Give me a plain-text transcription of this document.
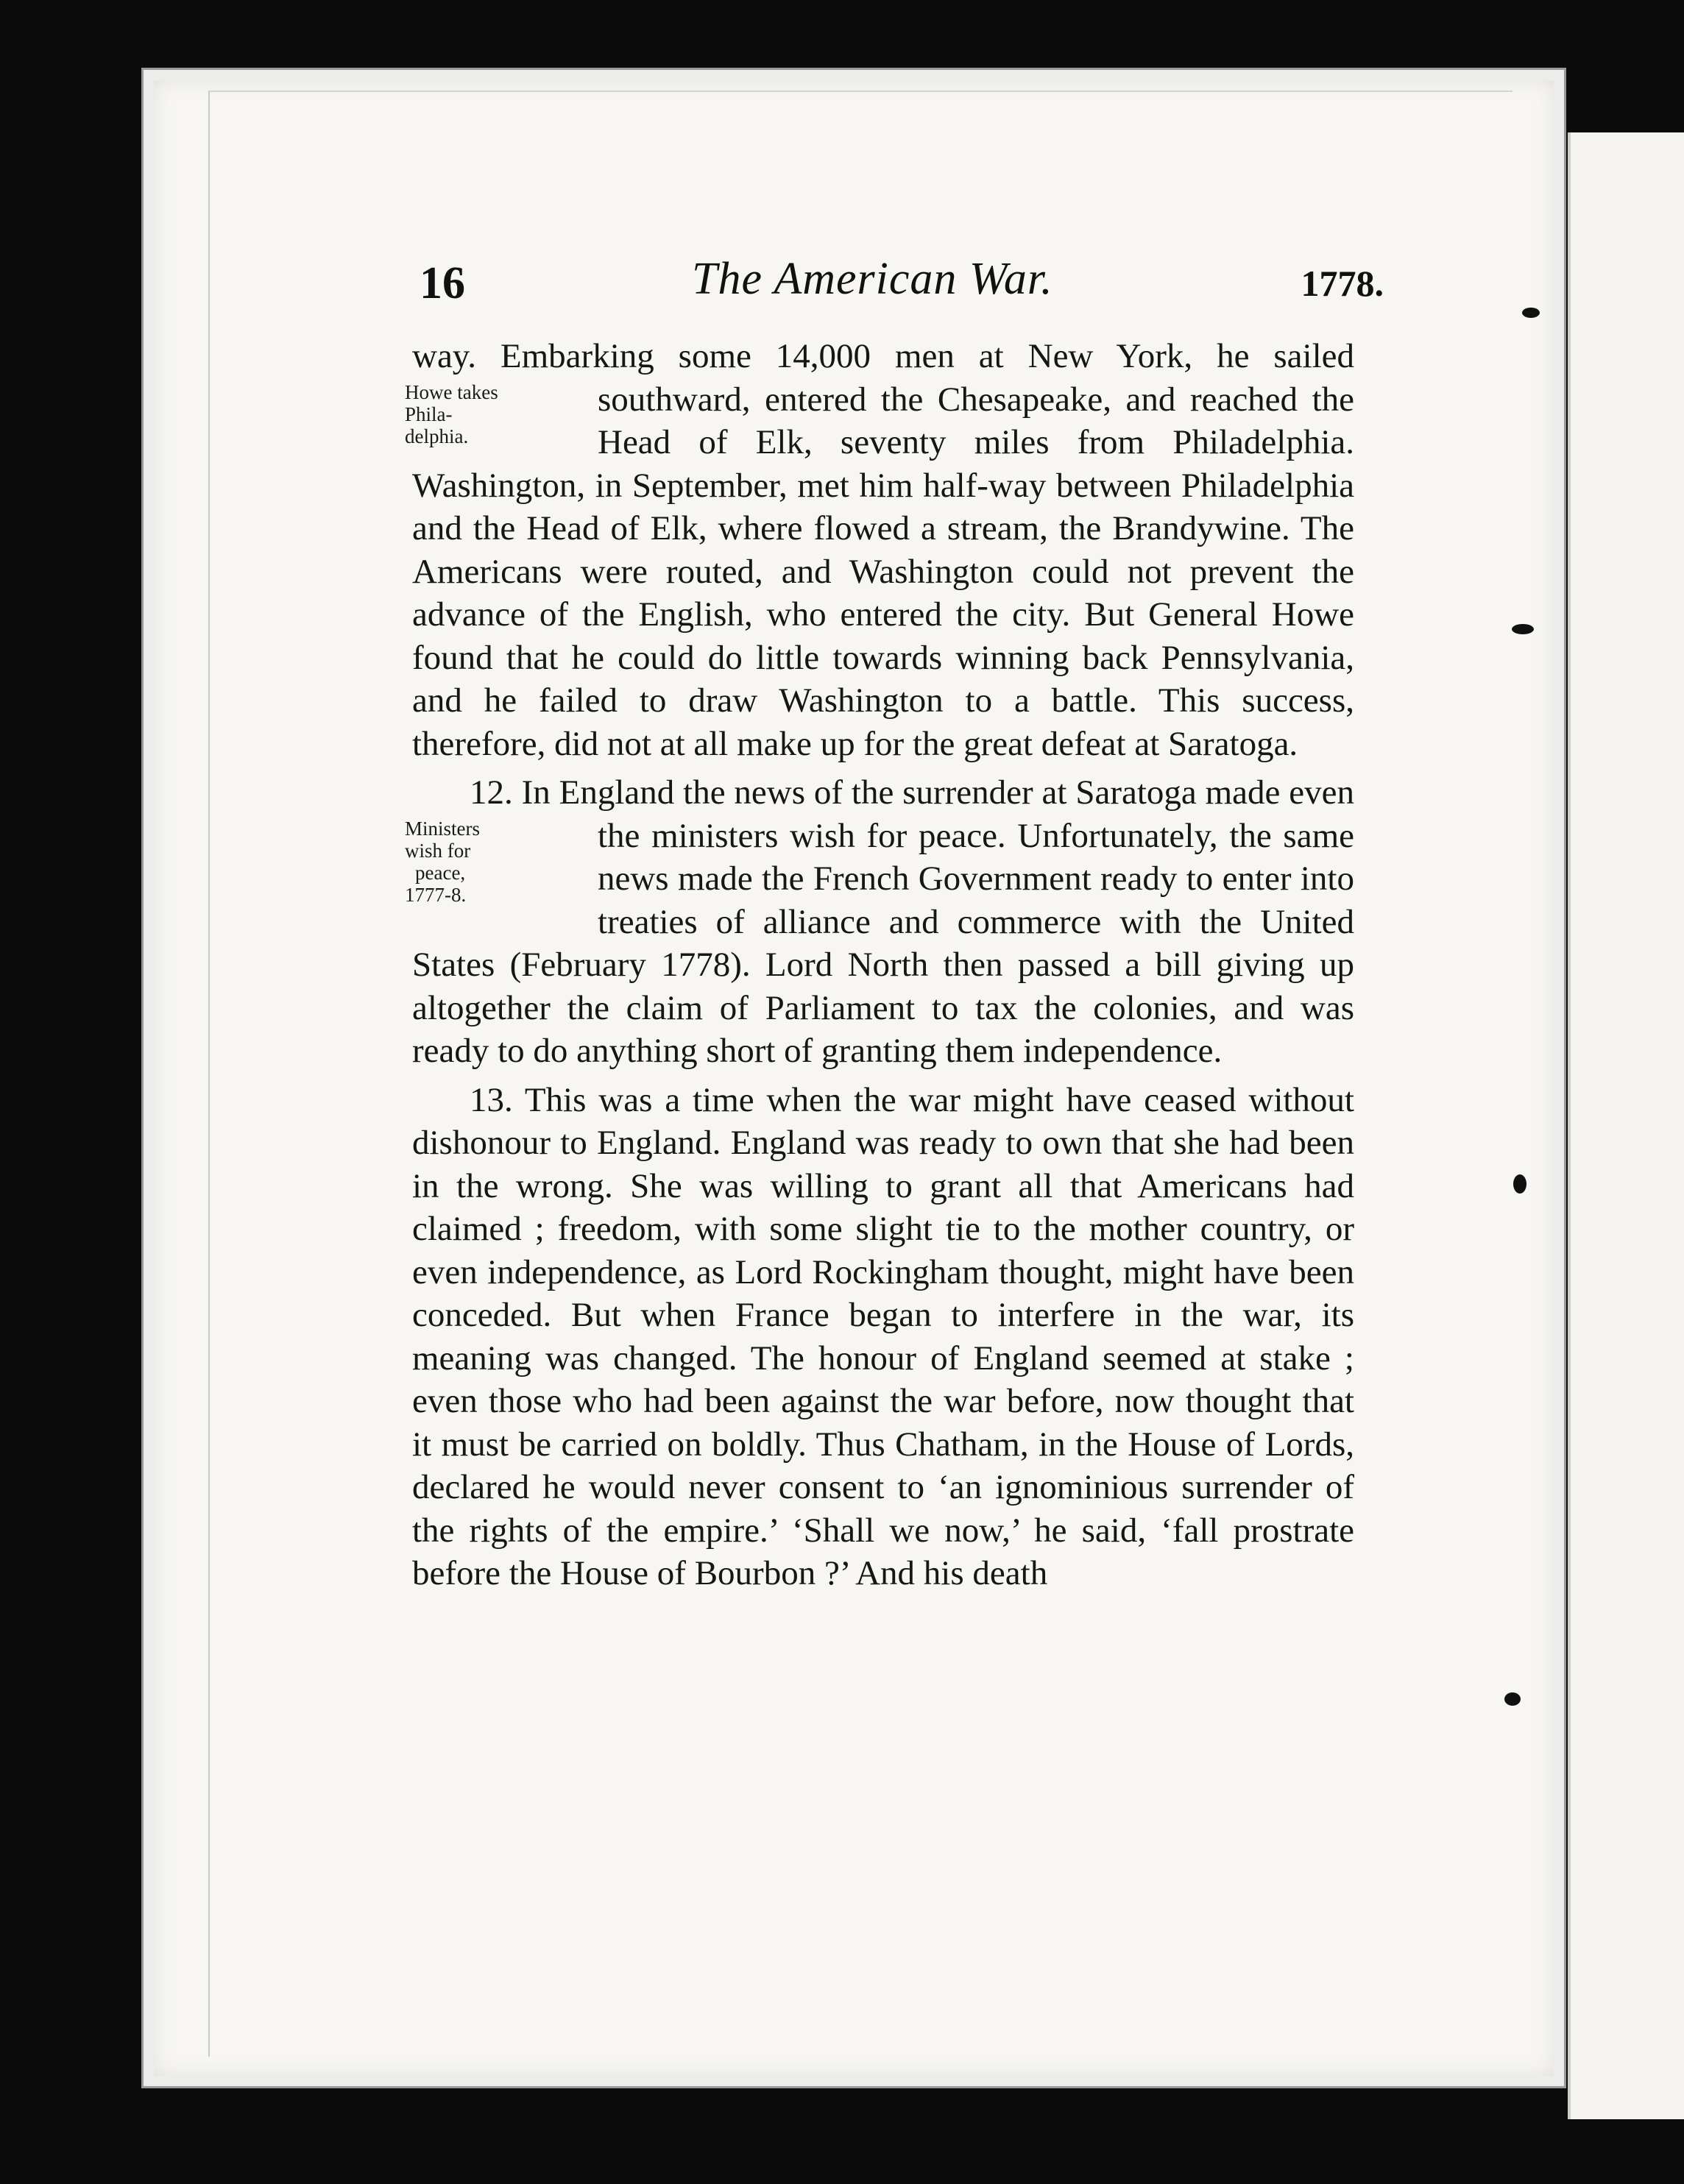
16	The American War.	1778.

way. Embarking some 14,000 men at New York, he sailed southward, entered the Chesapeake, and reached
Howe takes
Phila-
delphia.
the Head of Elk, seventy miles from Philadelphia. Washington, in September, met him half-way between Philadelphia and the Head of Elk, where flowed a stream, the Brandywine. The Americans were routed, and Washington could not prevent the advance of the English, who entered the city. But General Howe found that he could do little towards winning back Pennsylvania, and he failed to draw Washington to a battle. This success, therefore, did not at all make up for the great defeat at Saratoga.

12. In England the news of the surrender at Saratoga made even the ministers wish for peace. Unfortunately,
Ministers
wish for
peace,
1777-8.
the same news made the French Government ready to enter into treaties of alliance and commerce with the United States (February 1778). Lord North then passed a bill giving up altogether the claim of Parliament to tax the colonies, and was ready to do anything short of granting them independence.

13. This was a time when the war might have ceased without dishonour to England. England was ready to own that she had been in the wrong. She was willing to grant all that Americans had claimed ; freedom, with some slight tie to the mother country, or even independence, as Lord Rockingham thought, might have been conceded. But when France began to interfere in the war, its meaning was changed. The honour of England seemed at stake ; even those who had been against the war before, now thought that it must be carried on boldly. Thus Chatham, in the House of Lords, declared he would never consent to ‘an ignominious surrender of the rights of the empire.’ ‘Shall we now,’ he said, ‘fall prostrate before the House of Bourbon ?’ And his death
